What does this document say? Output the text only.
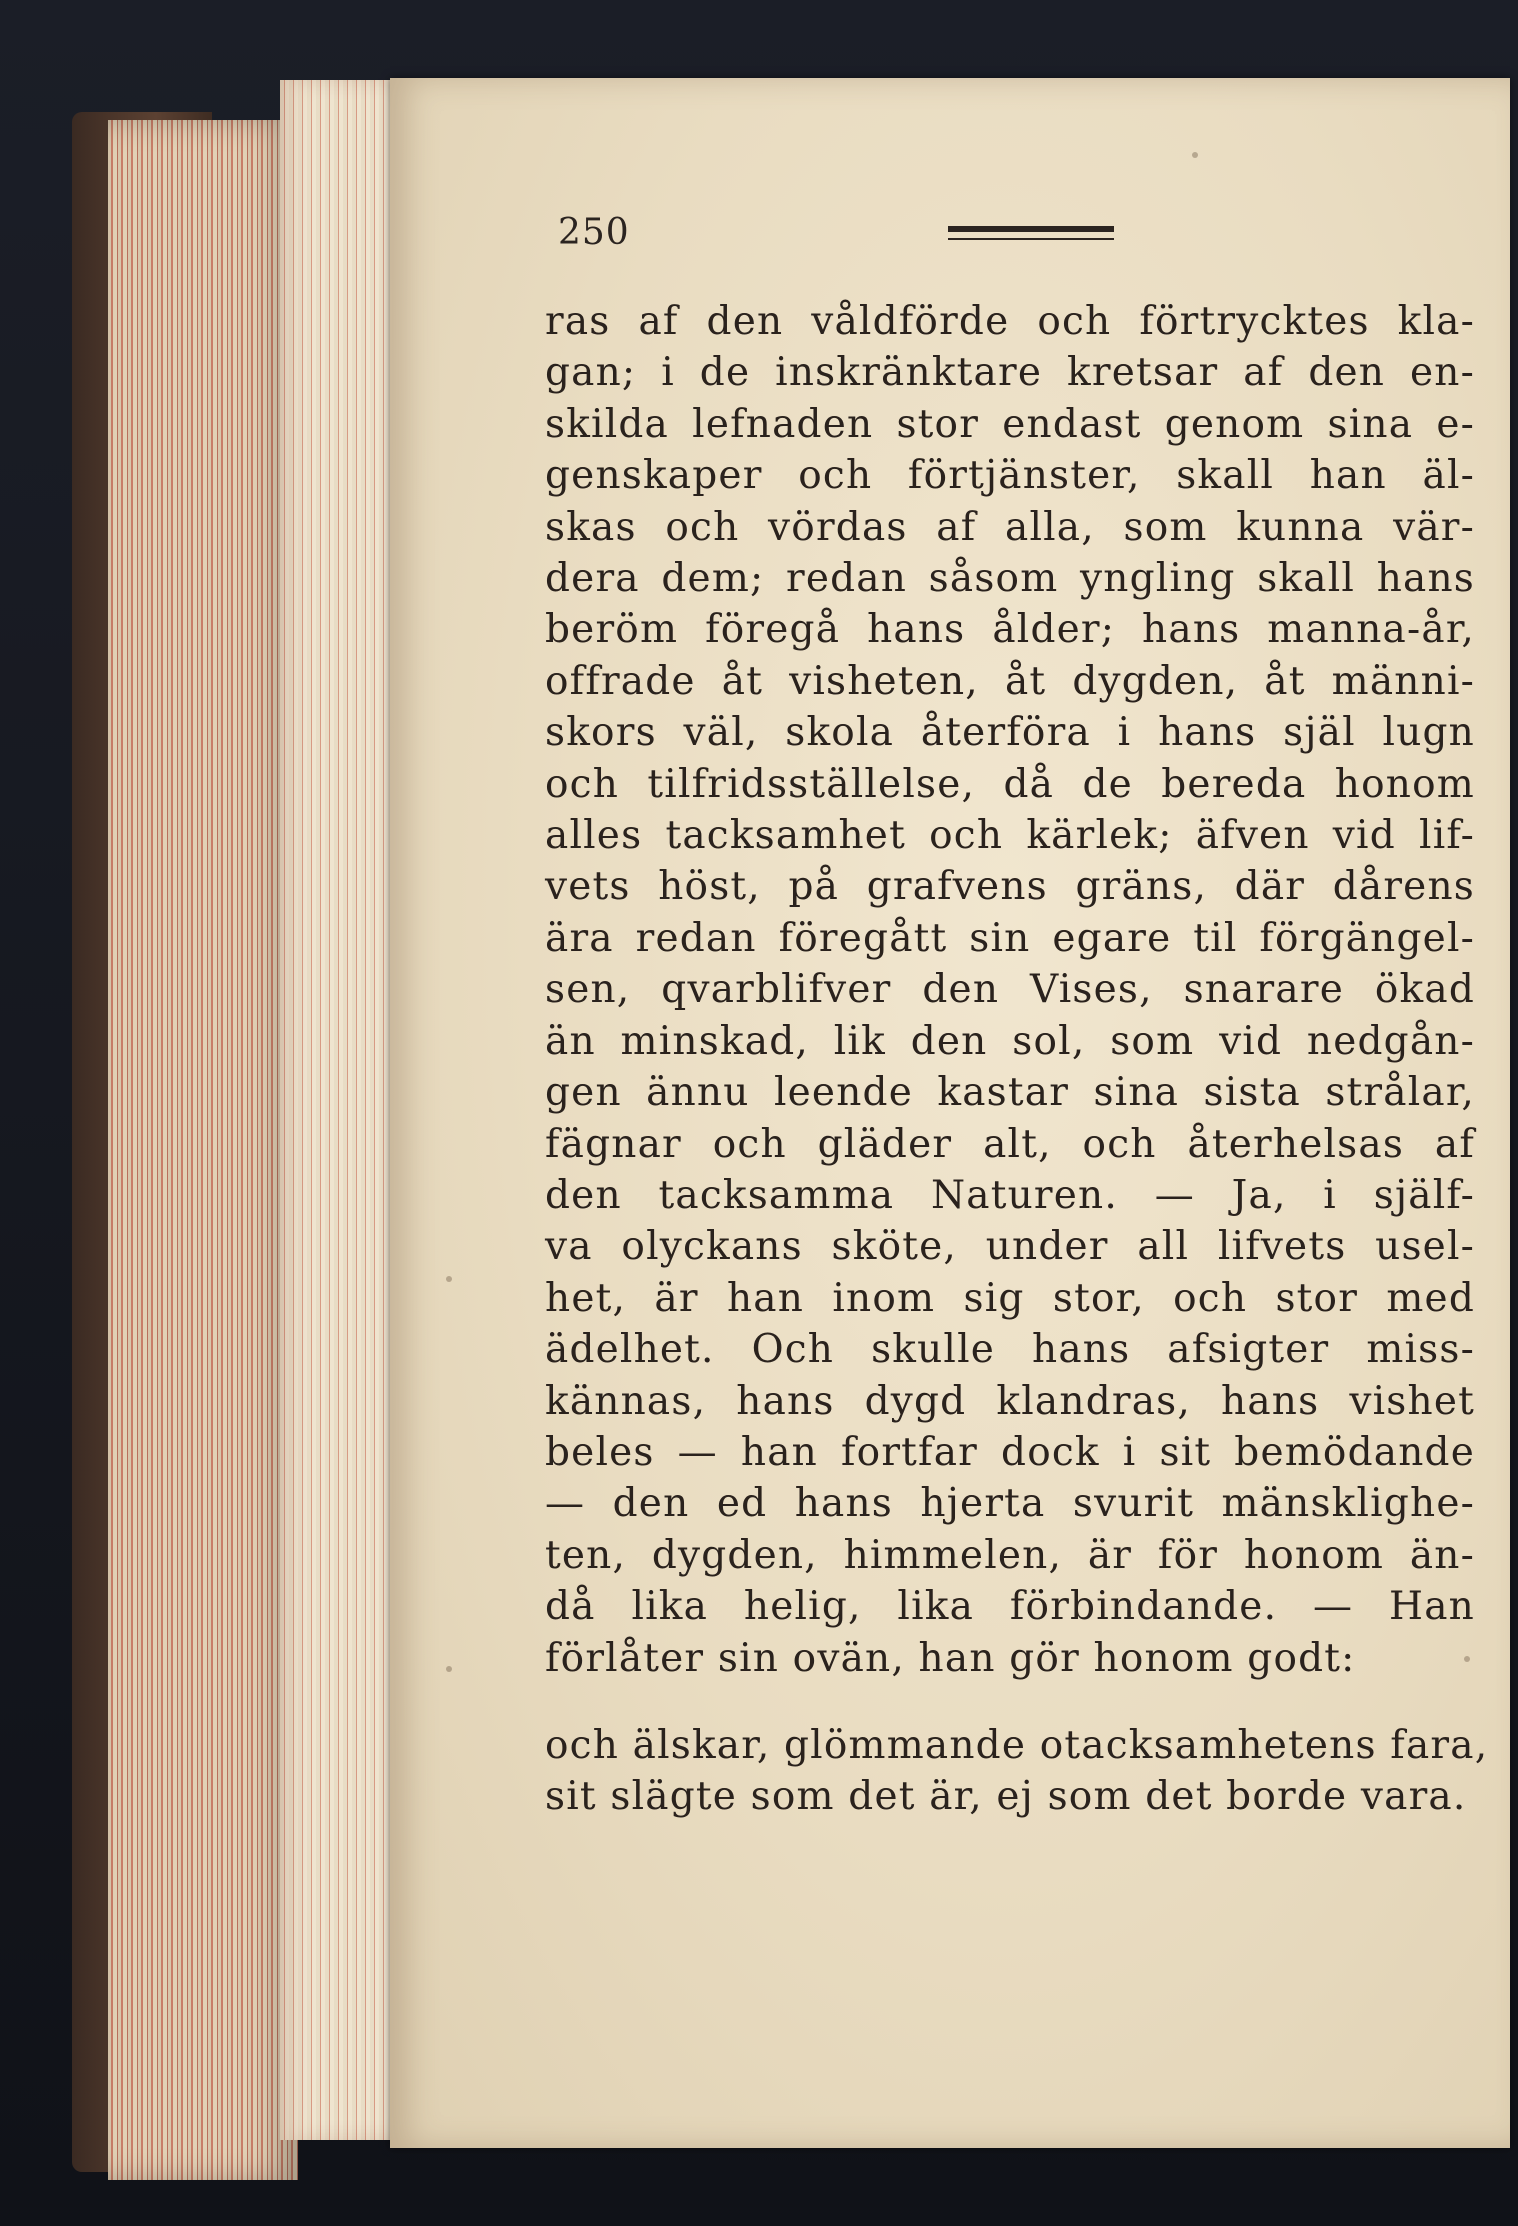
250
ras af den våldförde och förtrycktes kla-
gan; i de inskränktare kretsar af den en-
skilda lefnaden stor endast genom sina e-
genskaper och förtjänster, skall han äl-
skas och vördas af alla, som kunna vär-
dera dem; redan såsom yngling skall hans
beröm föregå hans ålder; hans manna-år,
offrade åt visheten, åt dygden, åt männi-
skors väl, skola återföra i hans själ lugn
och tilfridsställelse, då de bereda honom
alles tacksamhet och kärlek; äfven vid lif-
vets höst, på grafvens gräns, där dårens
ära redan föregått sin egare til förgängel-
sen, qvarblifver den Vises, snarare ökad
än minskad, lik den sol, som vid nedgån-
gen ännu leende kastar sina sista strålar,
fägnar och gläder alt, och återhelsas af
den tacksamma Naturen. — Ja, i själf-
va olyckans sköte, under all lifvets usel-
het, är han inom sig stor, och stor med
ädelhet. Och skulle hans afsigter miss-
kännas, hans dygd klandras, hans vishet
beles — han fortfar dock i sit bemödande
— den ed hans hjerta svurit mänsklighe-
ten, dygden, himmelen, är för honom än-
då lika helig, lika förbindande. — Han
förlåter sin ovän, han gör honom godt:
och älskar, glömmande otacksamhetens fara,
sit slägte som det är, ej som det borde vara.
